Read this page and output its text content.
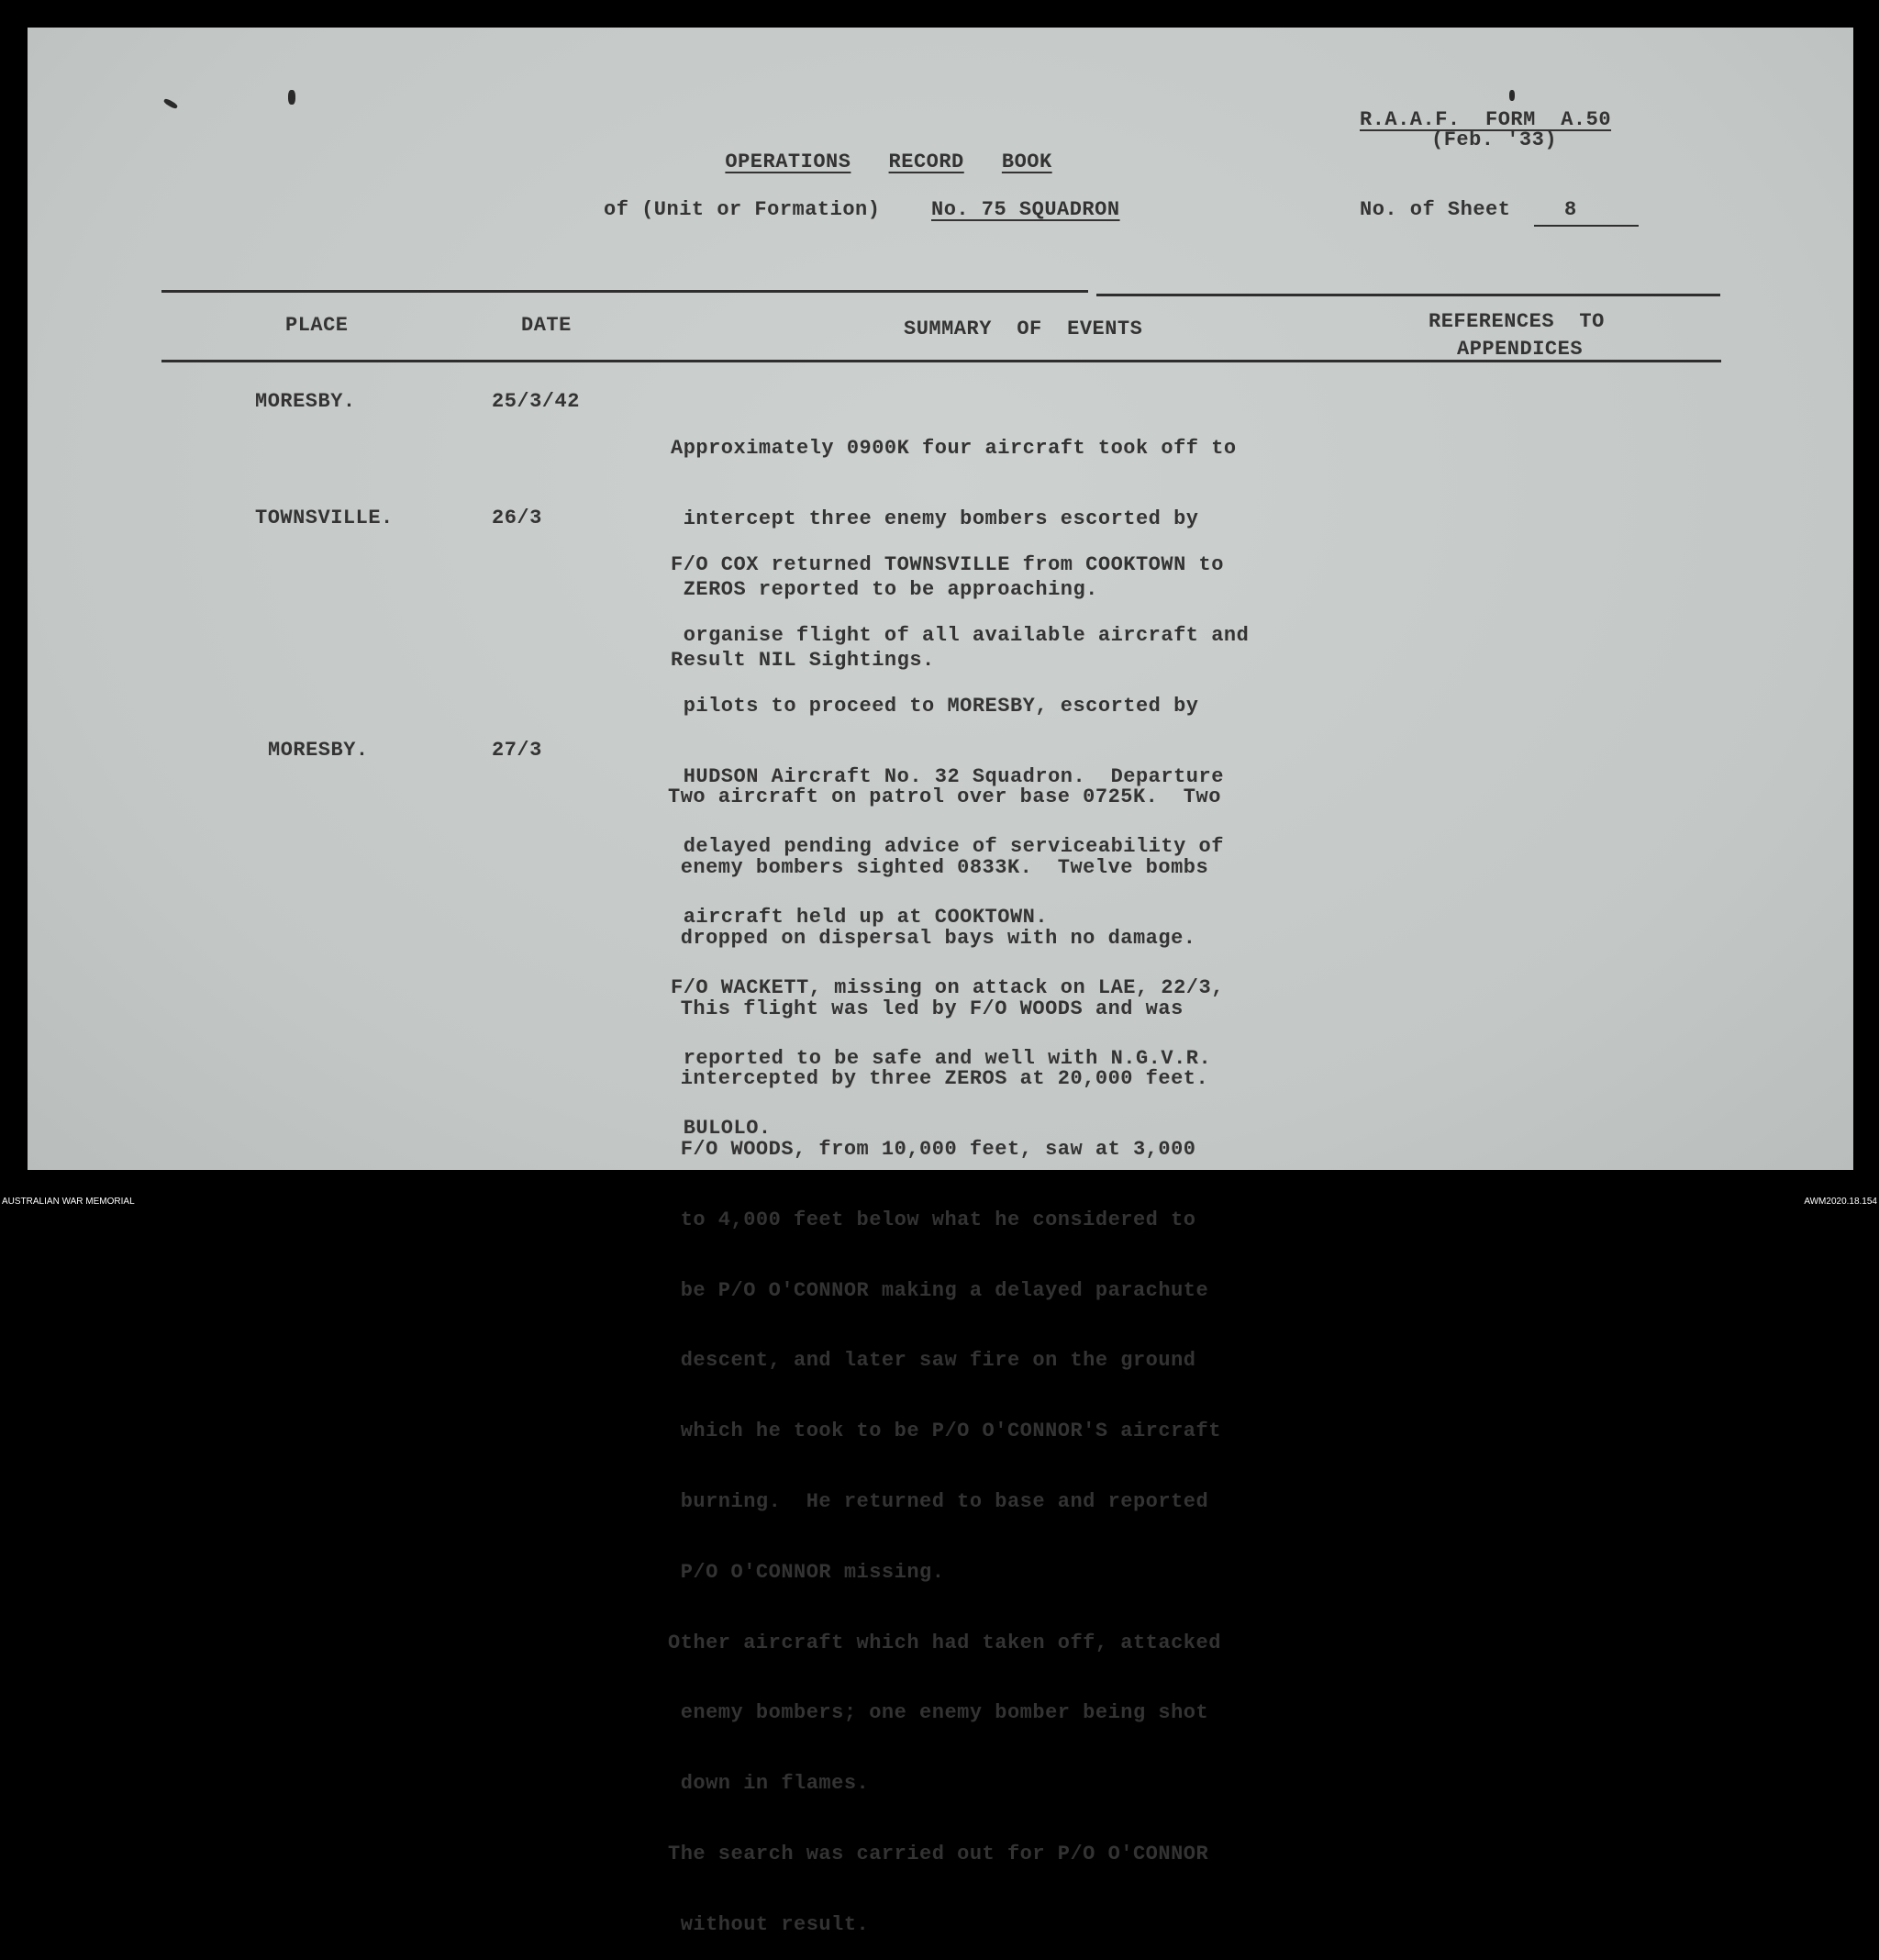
OPERATIONS RECORD BOOK

R.A.A.F.  FORM  A.50
(Feb. '33)
of (Unit or Formation)	No. 75 SQUADRON	No. of Sheet	8
PLACE	DATE	SUMMARY  OF  EVENTS	REFERENCES  TO
APPENDICES
MORESBY.	25/3/42

Approximately 0900K four aircraft took off to

intercept three enemy bombers escorted by

ZEROS reported to be approaching.

Result NIL Sightings.

TOWNSVILLE.	26/3

F/O COX returned TOWNSVILLE from COOKTOWN to

organise flight of all available aircraft and

pilots to proceed to MORESBY, escorted by

HUDSON Aircraft No. 32 Squadron.  Departure

delayed pending advice of serviceability of

aircraft held up at COOKTOWN.

F/O WACKETT, missing on attack on LAE, 22/3,

reported to be safe and well with N.G.V.R.

BULOLO.

MORESBY.	27/3

Two aircraft on patrol over base 0725K.  Two

enemy bombers sighted 0833K.  Twelve bombs

dropped on dispersal bays with no damage.

This flight was led by F/O WOODS and was

intercepted by three ZEROS at 20,000 feet.

F/O WOODS, from 10,000 feet, saw at 3,000

to 4,000 feet below what he considered to

be P/O O'CONNOR making a delayed parachute

descent, and later saw fire on the ground

which he took to be P/O O'CONNOR'S aircraft

burning.  He returned to base and reported

P/O O'CONNOR missing.

Other aircraft which had taken off, attacked

enemy bombers; one enemy bomber being shot

down in flames.

The search was carried out for P/O O'CONNOR

without result.

AUSTRALIAN WAR MEMORIAL	AWM2020.18.154
